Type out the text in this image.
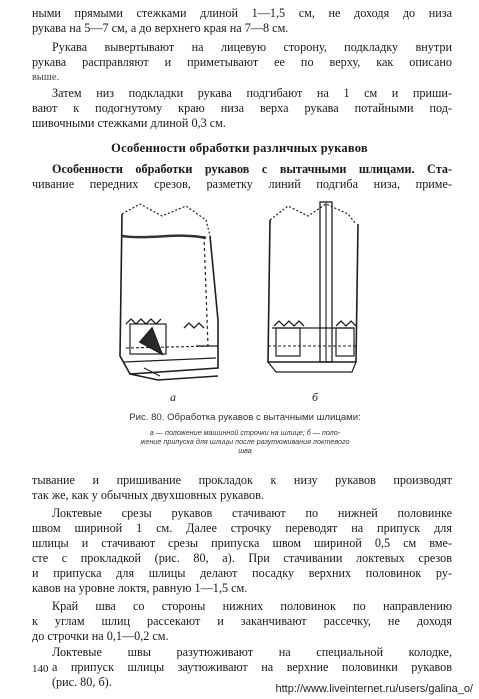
ными прямыми стежками длиной 1—1,5 см, не доходя до низа
рукава на 5—7 см, а до верхнего края на 7—8 см.
Рукава вывертывают на лицевую сторону, подкладку внутри
рукава расправляют и приметывают ее по верху, как описано
выше.
Затем низ подкладки рукава подгибают на 1 см и приши-
вают к подогнутому краю низа верха рукава потайными под-
шивочными стежками длиной 0,3 см.
Особенности обработки различных рукавов
Особенности обработки рукавов с вытачными шлицами. Ста-
чивание передних срезов, разметку линий подгиба низа, приме-
а	б
Рис. 80. Обработка рукавов с вытачными шлицами:
а — положение машинной строчки на шлице; б — поло-
жение припуска для шлицы после разутюживания локтевого
шва
тывание и пришивание прокладок к низу рукавов производят
так же, как у обычных двухшовных рукавов.
Локтевые срезы рукавов стачивают по нижней половинке
швом шириной 1 см. Далее строчку переводят на припуск для
шлицы и стачивают срезы припуска швом шириной 0,5 см вме-
сте с прокладкой (рис. 80, а). При стачивании локтевых срезов
и припуска для шлицы делают посадку верхних половинок ру-
кавов на уровне локтя, равную 1—1,5 см.
Край шва со стороны нижних половинок по направлению
к углам шлиц рассекают и заканчивают рассечку, не доходя
до строчки на 0,1—0,2 см.
Локтевые швы разутюживают на специальной колодке,
а припуск шлицы заутюживают на верхние половинки рукавов
(рис. 80, б).
140
http://www.liveinternet.ru/users/galina_o/
